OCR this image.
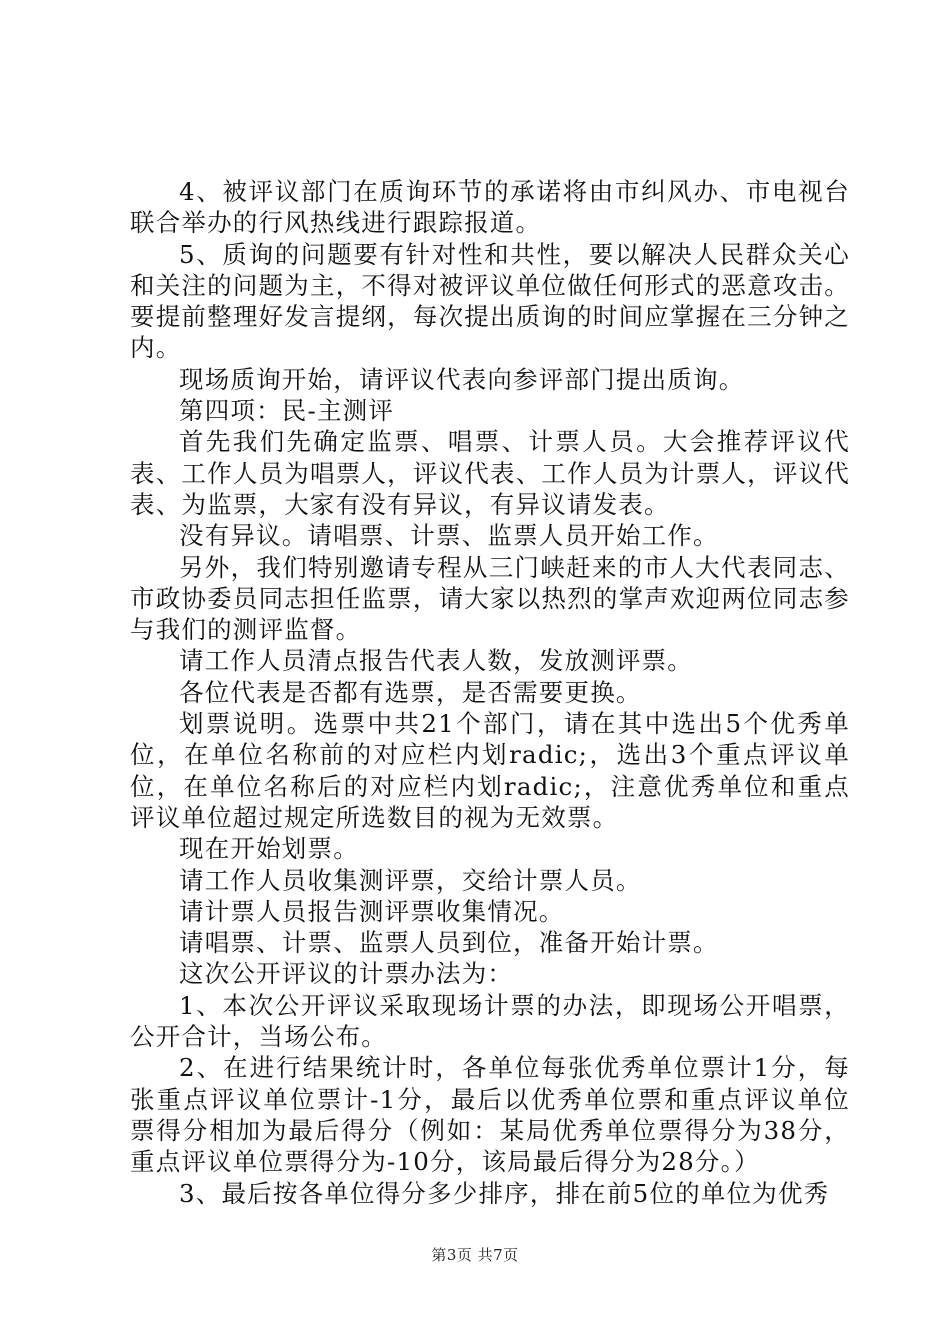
4、被评议部门在质询环节的承诺将由市纠风办、市电视台联合举办的行风热线进行跟踪报道。

5、质询的问题要有针对性和共性，要以解决人民群众关心和关注的问题为主，不得对被评议单位做任何形式的恶意攻击。要提前整理好发言提纲，每次提出质询的时间应掌握在三分钟之内。

现场质询开始，请评议代表向参评部门提出质询。

第四项：民-主测评

首先我们先确定监票、唱票、计票人员。大会推荐评议代表、工作人员为唱票人，评议代表、工作人员为计票人，评议代表、为监票，大家有没有异议，有异议请发表。

没有异议。请唱票、计票、监票人员开始工作。

另外，我们特别邀请专程从三门峡赶来的市人大代表同志、市政协委员同志担任监票，请大家以热烈的掌声欢迎两位同志参与我们的测评监督。

请工作人员清点报告代表人数，发放测评票。

各位代表是否都有选票，是否需要更换。

划票说明。选票中共21个部门，请在其中选出5个优秀单位，在单位名称前的对应栏内划radic;，选出3个重点评议单位，在单位名称后的对应栏内划radic;，注意优秀单位和重点评议单位超过规定所选数目的视为无效票。

现在开始划票。

请工作人员收集测评票，交给计票人员。

请计票人员报告测评票收集情况。

请唱票、计票、监票人员到位，准备开始计票。

这次公开评议的计票办法为：

1、本次公开评议采取现场计票的办法，即现场公开唱票，公开合计，当场公布。

2、在进行结果统计时，各单位每张优秀单位票计1分，每张重点评议单位票计-1分，最后以优秀单位票和重点评议单位票得分相加为最后得分（例如：某局优秀单位票得分为38分，重点评议单位票得分为-10分，该局最后得分为28分。）

3、最后按各单位得分多少排序，排在前5位的单位为优秀

第3页 共7页
